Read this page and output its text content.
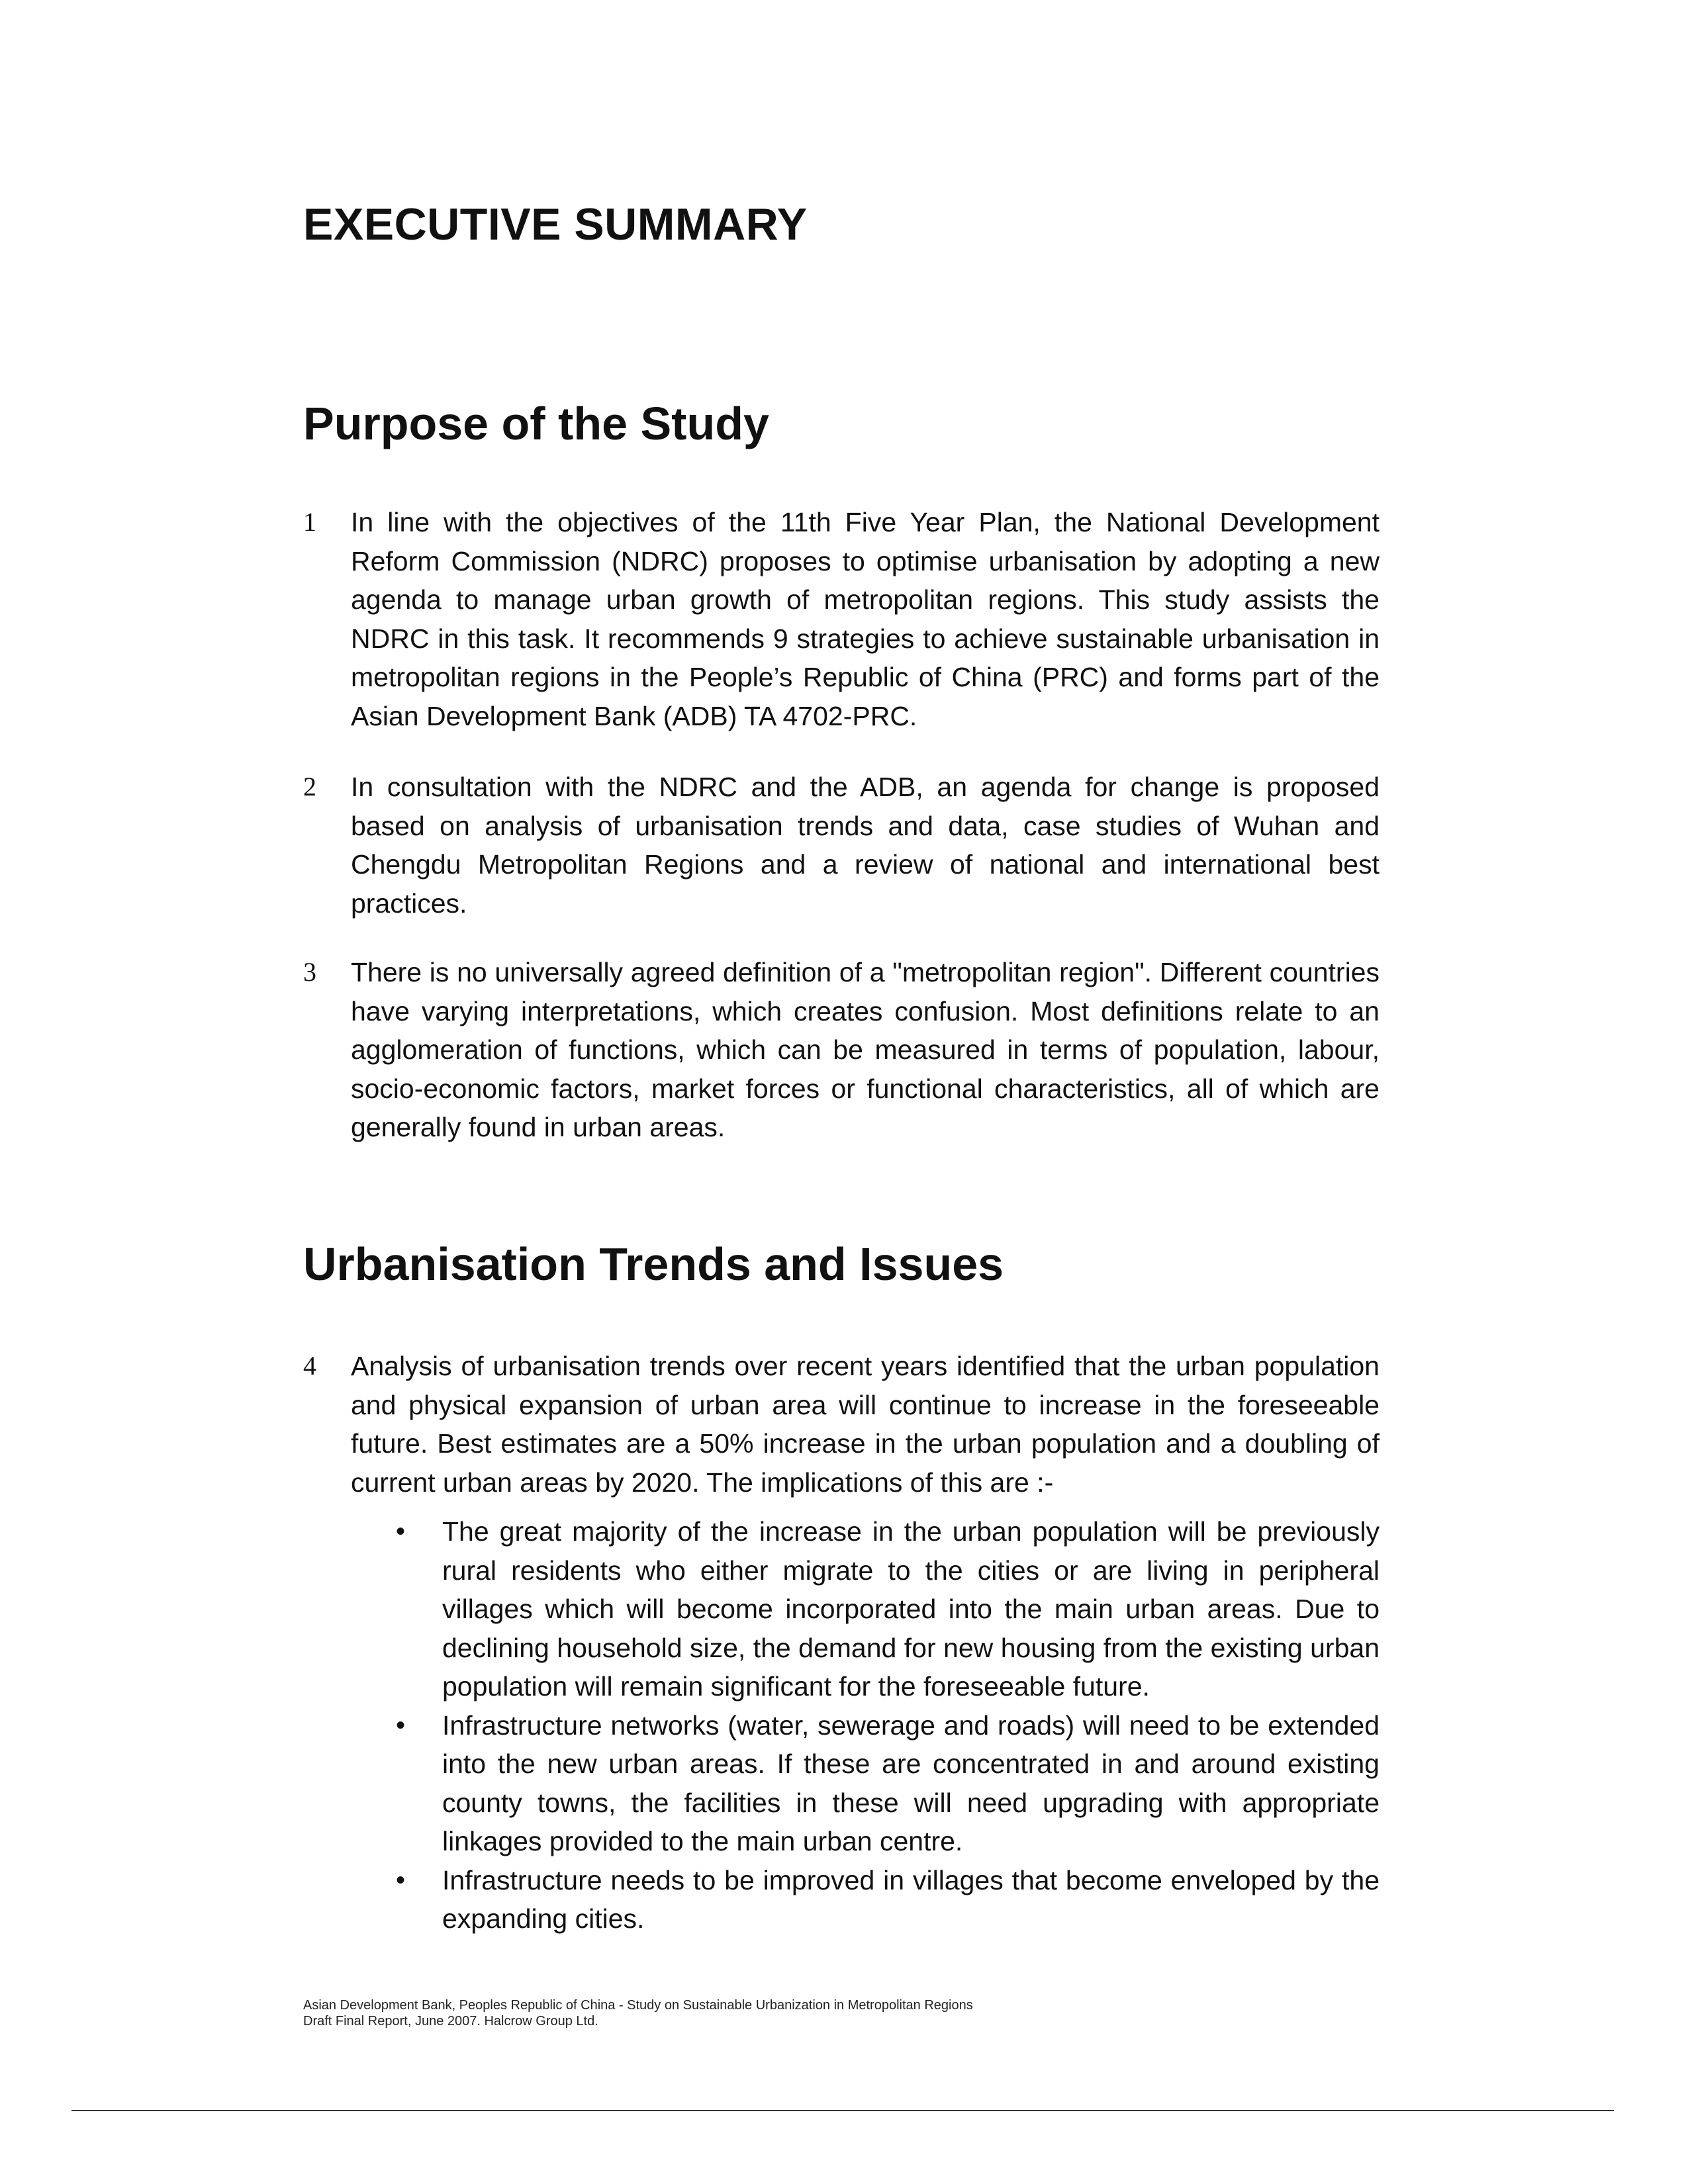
EXECUTIVE SUMMARY
Purpose of the Study
1	In line with the objectives of the 11th Five Year Plan, the National Development Reform Commission (NDRC) proposes to optimise urbanisation by adopting a new agenda to manage urban growth of metropolitan regions. This study assists the NDRC in this task. It recommends 9 strategies to achieve sustainable urbanisation in metropolitan regions in the People’s Republic of China (PRC) and forms part of the Asian Development Bank (ADB) TA 4702-PRC.
2	In consultation with the NDRC and the ADB, an agenda for change is proposed based on analysis of urbanisation trends and data, case studies of Wuhan and Chengdu Metropolitan Regions and a review of national and international best practices.
3	There is no universally agreed definition of a "metropolitan region". Different countries have varying interpretations, which creates confusion. Most definitions relate to an agglomeration of functions, which can be measured in terms of population, labour, socio-economic factors, market forces or functional characteristics, all of which are generally found in urban areas.
Urbanisation Trends and Issues
4	Analysis of urbanisation trends over recent years identified that the urban population and physical expansion of urban area will continue to increase in the foreseeable future. Best estimates are a 50% increase in the urban population and a doubling of current urban areas by 2020. The implications of this are :-
• The great majority of the increase in the urban population will be previously rural residents who either migrate to the cities or are living in peripheral villages which will become incorporated into the main urban areas. Due to declining household size, the demand for new housing from the existing urban population will remain significant for the foreseeable future.
• Infrastructure networks (water, sewerage and roads) will need to be extended into the new urban areas. If these are concentrated in and around existing county towns, the facilities in these will need upgrading with appropriate linkages provided to the main urban centre.
• Infrastructure needs to be improved in villages that become enveloped by the expanding cities.
Asian Development Bank, Peoples Republic of China - Study on Sustainable Urbanization in Metropolitan Regions
Draft Final Report, June 2007. Halcrow Group Ltd.
